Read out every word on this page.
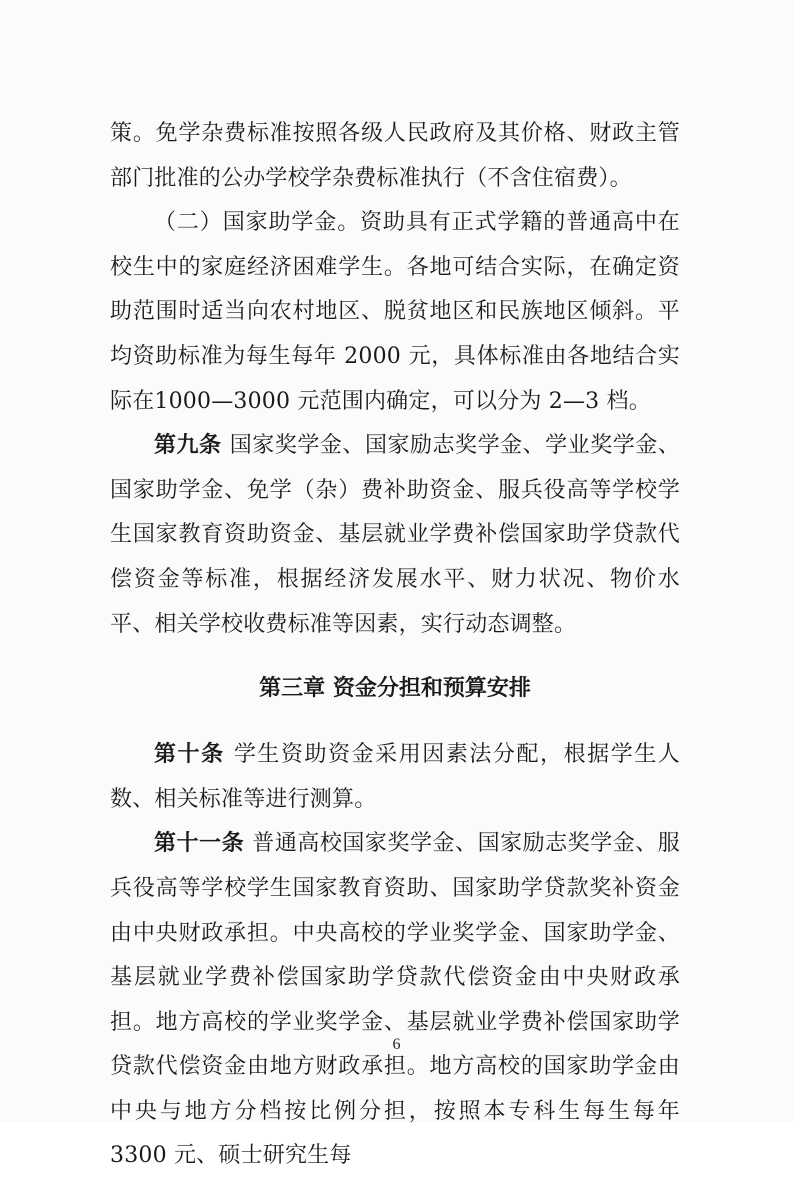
策。免学杂费标准按照各级人民政府及其价格、财政主管部门批准的公办学校学杂费标准执行（不含住宿费）。

（二）国家助学金。资助具有正式学籍的普通高中在校生中的家庭经济困难学生。各地可结合实际，在确定资助范围时适当向农村地区、脱贫地区和民族地区倾斜。平均资助标准为每生每年 2000 元，具体标准由各地结合实际在1000—3000 元范围内确定，可以分为 2—3 档。

第九条 国家奖学金、国家励志奖学金、学业奖学金、国家助学金、免学（杂）费补助资金、服兵役高等学校学生国家教育资助资金、基层就业学费补偿国家助学贷款代偿资金等标准，根据经济发展水平、财力状况、物价水平、相关学校收费标准等因素，实行动态调整。

第三章 资金分担和预算安排

第十条 学生资助资金采用因素法分配，根据学生人数、相关标准等进行测算。

第十一条 普通高校国家奖学金、国家励志奖学金、服兵役高等学校学生国家教育资助、国家助学贷款奖补资金由中央财政承担。中央高校的学业奖学金、国家助学金、基层就业学费补偿国家助学贷款代偿资金由中央财政承担。地方高校的学业奖学金、基层就业学费补偿国家助学贷款代偿资金由地方财政承担。地方高校的国家助学金由中央与地方分档按比例分担，按照本专科生每生每年 3300 元、硕士研究生每

6
